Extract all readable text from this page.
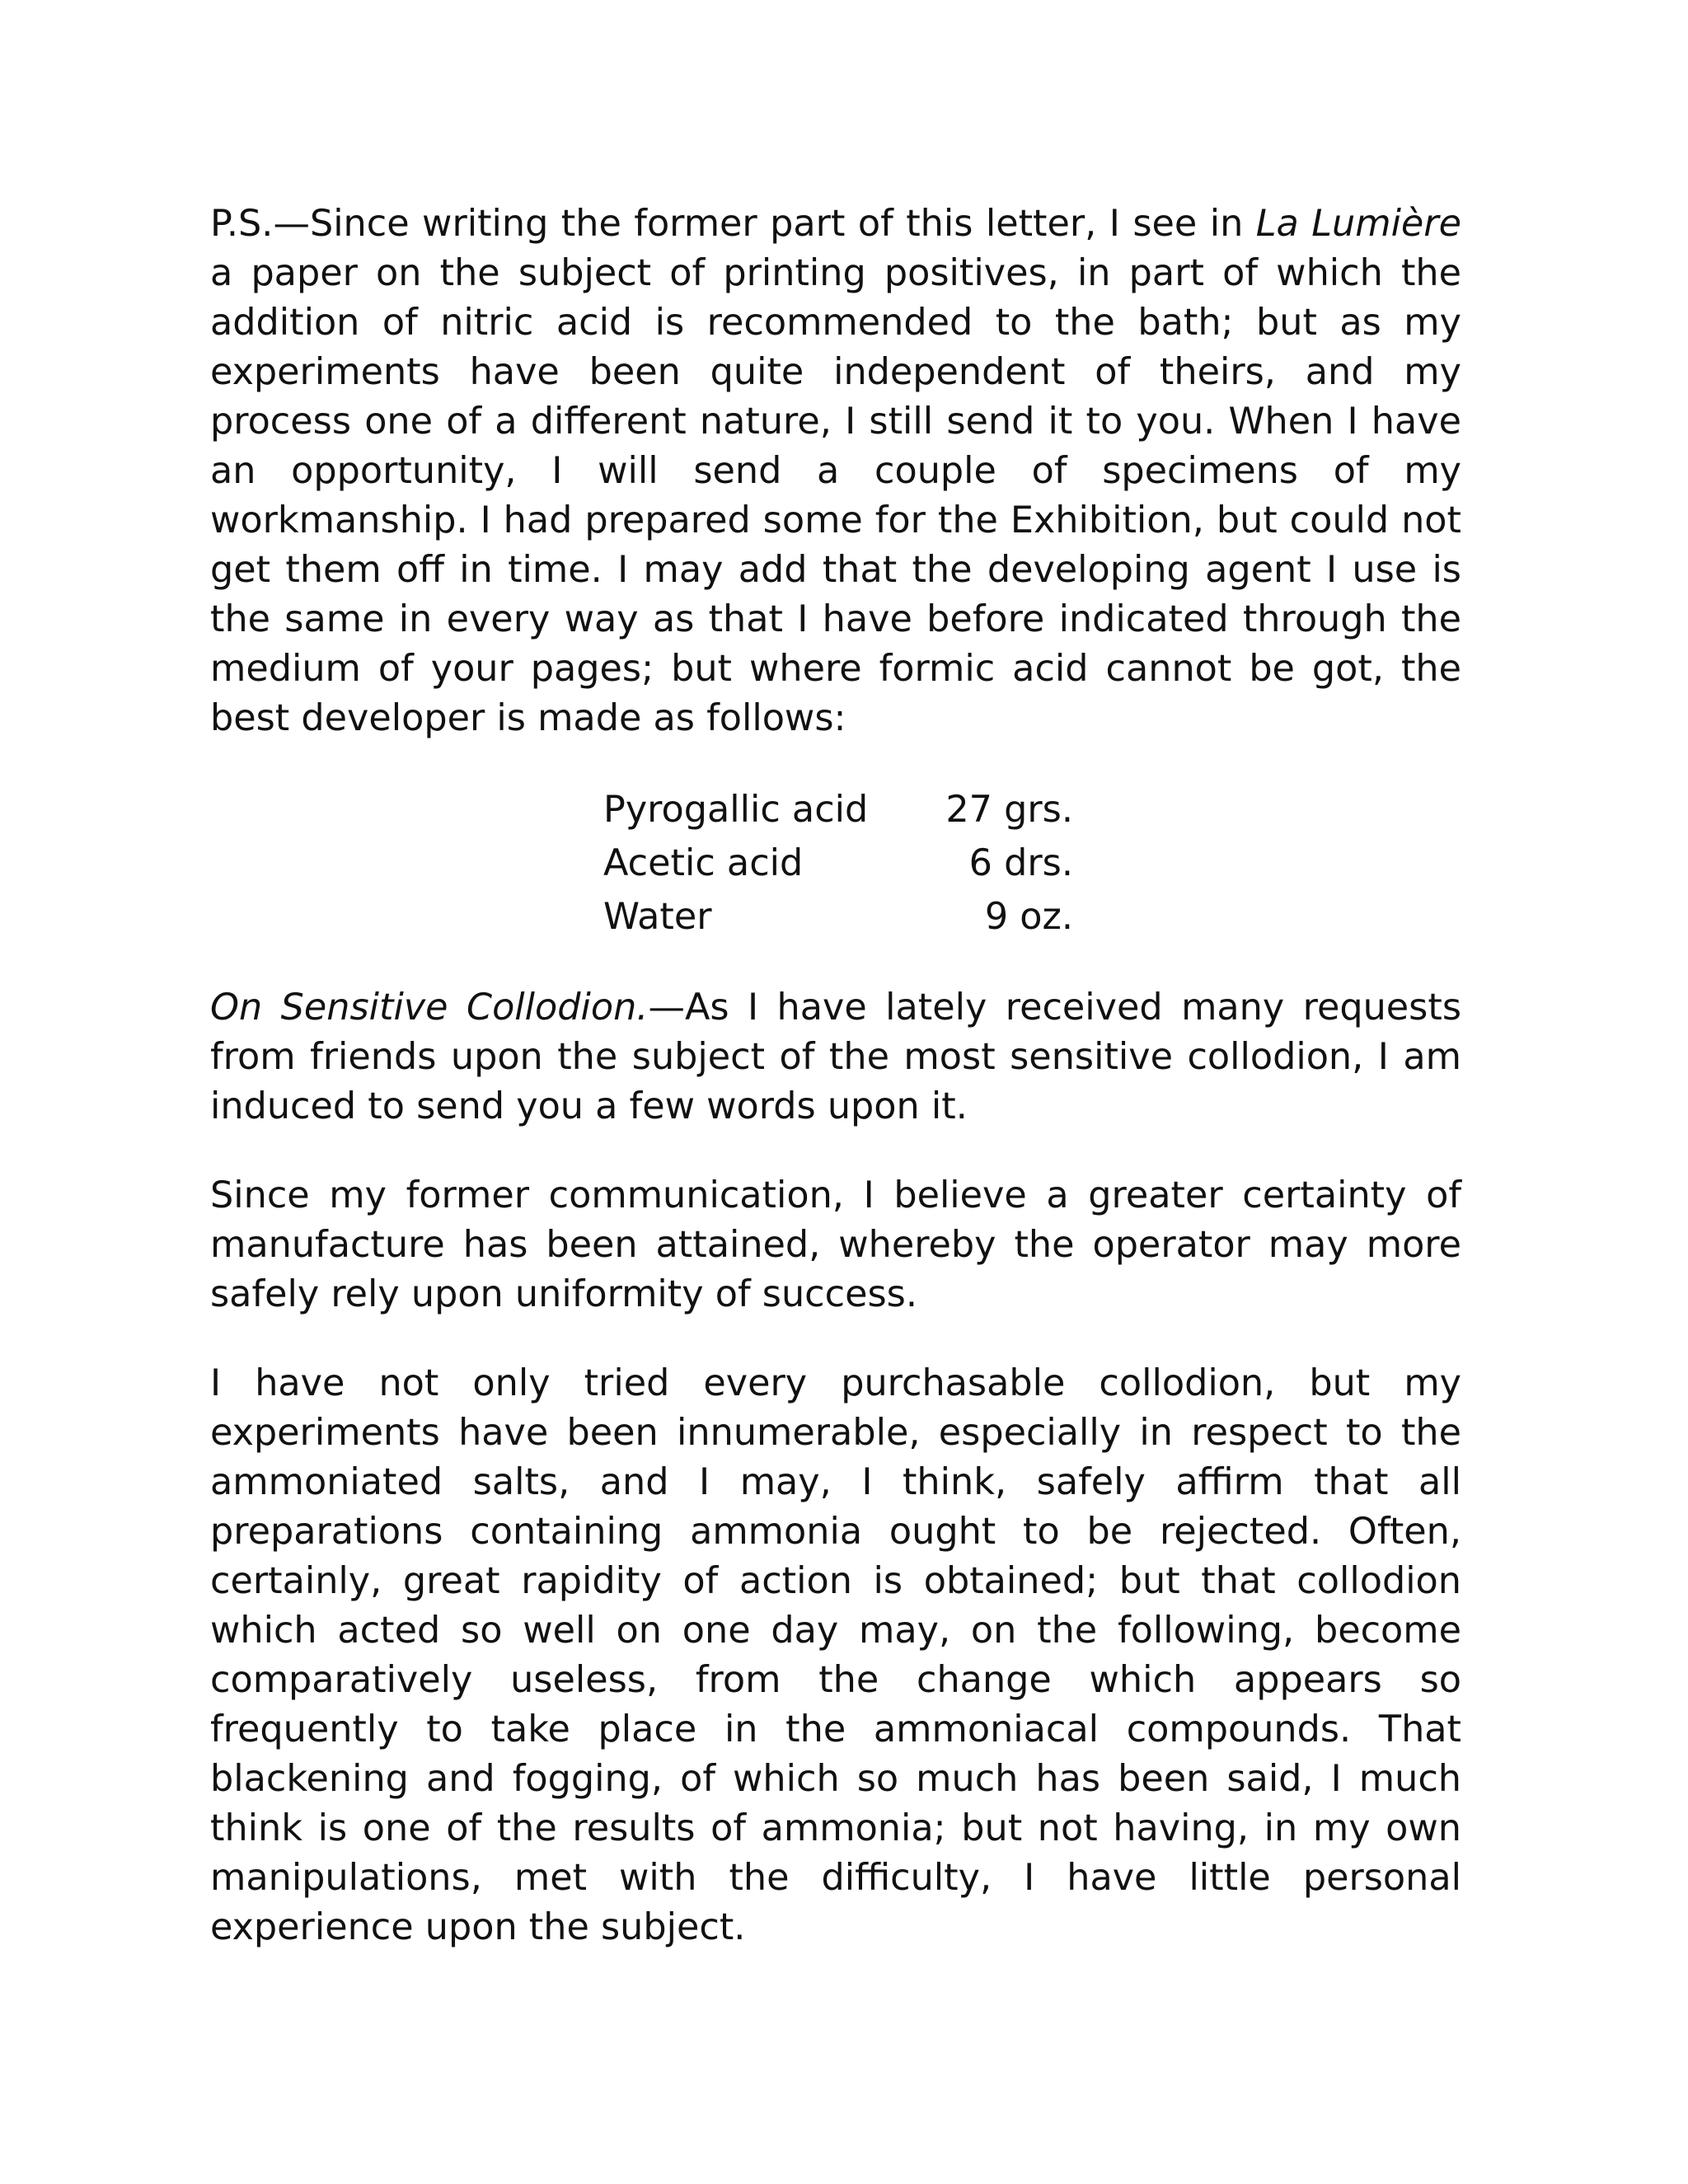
P.S.—Since writing the former part of this letter, I see in La Lumière a paper on the subject of printing positives, in part of which the addition of nitric acid is recommended to the bath; but as my experiments have been quite independent of theirs, and my process one of a different nature, I still send it to you. When I have an opportunity, I will send a couple of specimens of my workmanship. I had prepared some for the Exhibition, but could not get them off in time. I may add that the developing agent I use is the same in every way as that I have before indicated through the medium of your pages; but where formic acid cannot be got, the best developer is made as follows:

Pyrogallic acid	27 grs.
Acetic acid	6 drs.
Water	9 oz.

On Sensitive Collodion.—As I have lately received many requests from friends upon the subject of the most sensitive collodion, I am induced to send you a few words upon it.

Since my former communication, I believe a greater certainty of manufacture has been attained, whereby the operator may more safely rely upon uniformity of success.

I have not only tried every purchasable collodion, but my experiments have been innumerable, especially in respect to the ammoniated salts, and I may, I think, safely affirm that all preparations containing ammonia ought to be rejected. Often, certainly, great rapidity of action is obtained; but that collodion which acted so well on one day may, on the following, become comparatively useless, from the change which appears so frequently to take place in the ammoniacal compounds. That blackening and fogging, of which so much has been said, I much think is one of the results of ammonia; but not having, in my own manipulations, met with the difficulty, I have little personal experience upon the subject.
